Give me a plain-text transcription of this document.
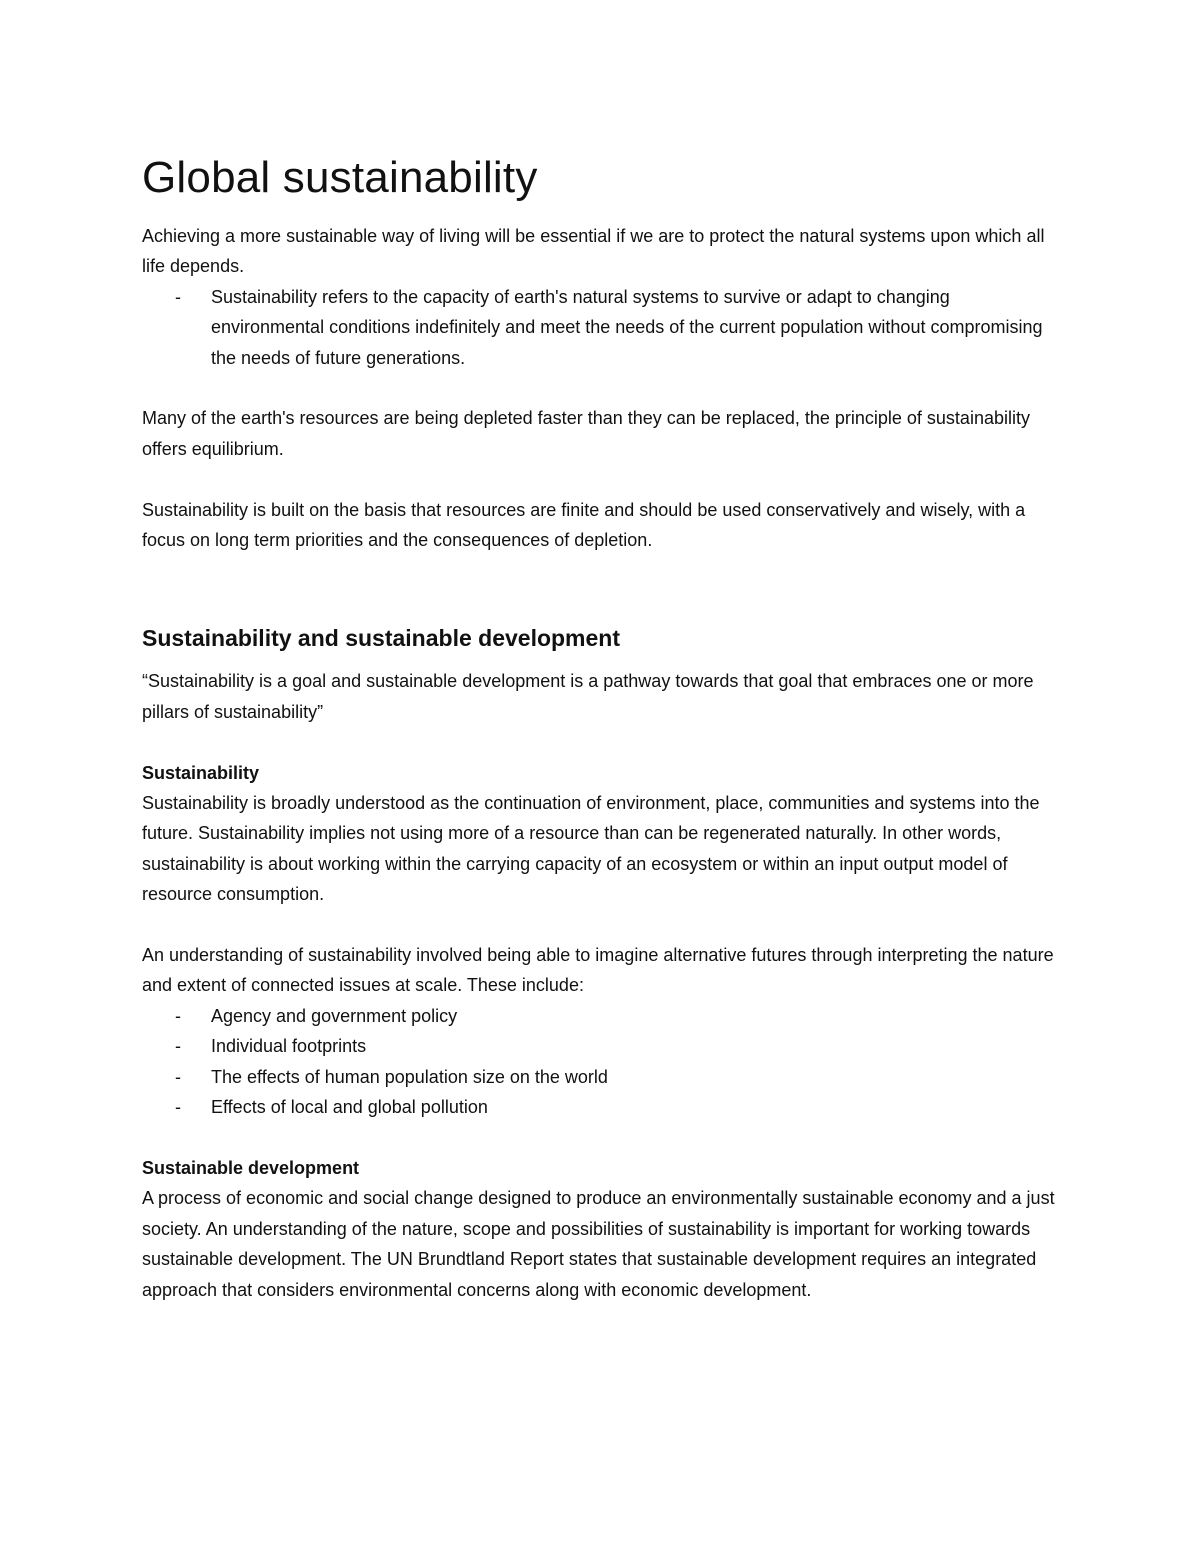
Global sustainability

Achieving a more sustainable way of living will be essential if we are to protect the natural systems upon which all life depends.

- Sustainability refers to the capacity of earth's natural systems to survive or adapt to changing environmental conditions indefinitely and meet the needs of the current population without compromising the needs of future generations.

Many of the earth's resources are being depleted faster than they can be replaced, the principle of sustainability offers equilibrium.

Sustainability is built on the basis that resources are finite and should be used conservatively and wisely, with a focus on long term priorities and the consequences of depletion.

Sustainability and sustainable development

“Sustainability is a goal and sustainable development is a pathway towards that goal that embraces one or more pillars of sustainability”

Sustainability

Sustainability is broadly understood as the continuation of environment, place, communities and systems into the future. Sustainability implies not using more of a resource than can be regenerated naturally. In other words, sustainability is about working within the carrying capacity of an ecosystem or within an input output model of resource consumption.

An understanding of sustainability involved being able to imagine alternative futures through interpreting the nature and extent of connected issues at scale. These include:

- Agency and government policy
- Individual footprints
- The effects of human population size on the world
- Effects of local and global pollution

Sustainable development

A process of economic and social change designed to produce an environmentally sustainable economy and a just society. An understanding of the nature, scope and possibilities of sustainability is important for working towards sustainable development. The UN Brundtland Report states that sustainable development requires an integrated approach that considers environmental concerns along with economic development.
